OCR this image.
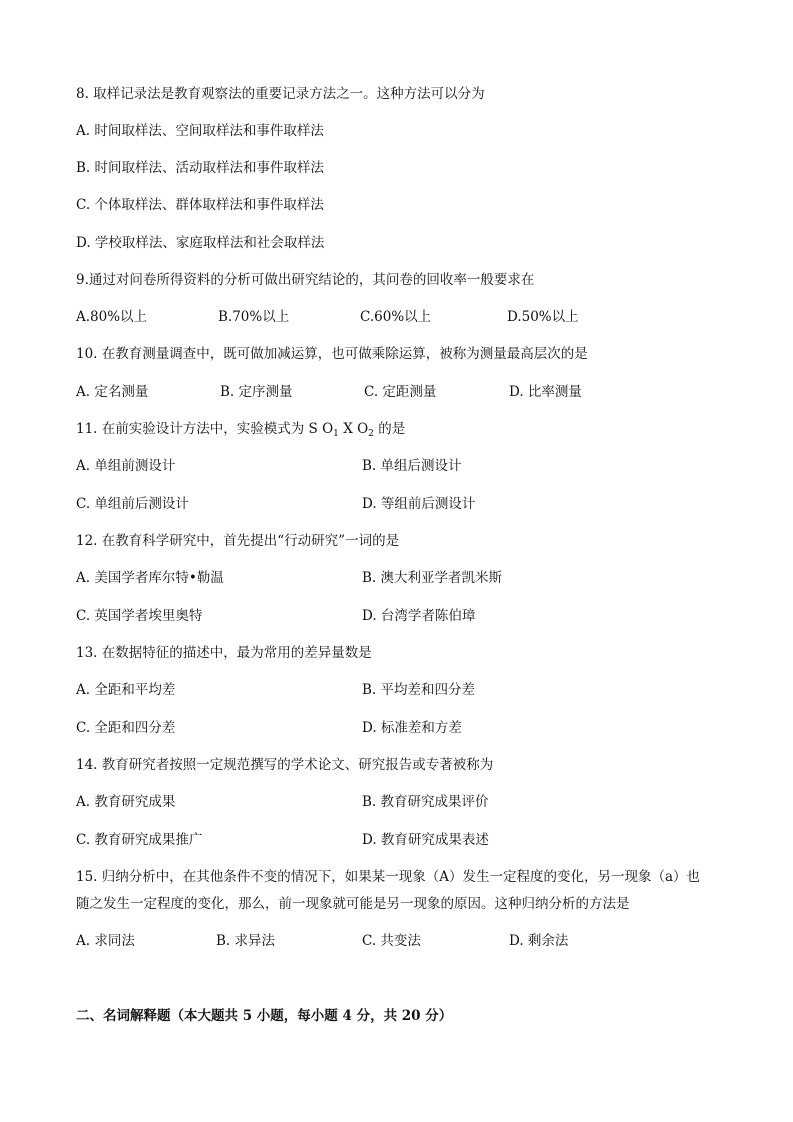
8. 取样记录法是教育观察法的重要记录方法之一。这种方法可以分为
A. 时间取样法、空间取样法和事件取样法
B. 时间取样法、活动取样法和事件取样法
C. 个体取样法、群体取样法和事件取样法
D. 学校取样法、家庭取样法和社会取样法
9.通过对问卷所得资料的分析可做出研究结论的，其问卷的回收率一般要求在
A.80%以上	B.70%以上	C.60%以上	D.50%以上
10. 在教育测量调查中，既可做加减运算，也可做乘除运算，被称为测量最高层次的是
A. 定名测量	B. 定序测量	C. 定距测量	D. 比率测量
11. 在前实验设计方法中，实验模式为 S $O_1$ X $O_2$ 的是
A. 单组前测设计	B. 单组后测设计
C. 单组前后测设计	D. 等组前后测设计
12. 在教育科学研究中，首先提出“行动研究”一词的是
A. 美国学者库尔特•勒温	B. 澳大利亚学者凯米斯
C. 英国学者埃里奥特	D. 台湾学者陈伯璋
13. 在数据特征的描述中，最为常用的差异量数是
A. 全距和平均差	B. 平均差和四分差
C. 全距和四分差	D. 标准差和方差
14. 教育研究者按照一定规范撰写的学术论文、研究报告或专著被称为
A. 教育研究成果	B. 教育研究成果评价
C. 教育研究成果推广	D. 教育研究成果表述
15. 归纳分析中，在其他条件不变的情况下，如果某一现象（A）发生一定程度的变化，另一现象（a）也
随之发生一定程度的变化，那么，前一现象就可能是另一现象的原因。这种归纳分析的方法是
A. 求同法	B. 求异法	C. 共变法	D. 剩余法
二、名词解释题（本大题共 5 小题，每小题 4 分，共 20 分）
